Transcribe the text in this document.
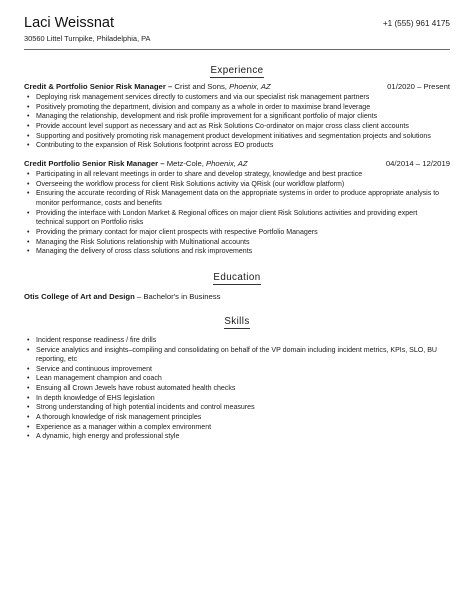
Laci Weissnat	+1 (555) 961 4175
30560 Littel Turnpike, Philadelphia, PA
Experience
Credit & Portfolio Senior Risk Manager – Crist and Sons, Phoenix, AZ	01/2020 – Present
• Deploying risk management services directly to customers and via our specialist risk management partners
• Positively promoting the department, division and company as a whole in order to maximise brand leverage
• Managing the relationship, development and risk profile improvement for a significant portfolio of major clients
• Provide account level support as necessary and act as Risk Solutions Co-ordinator on major cross class client accounts
• Supporting and positively promoting risk management product development initiatives and segmentation projects and solutions
• Contributing to the expansion of Risk Solutions footprint across EO products
Credit Portfolio Senior Risk Manager – Metz-Cole, Phoenix, AZ	04/2014 – 12/2019
• Participating in all relevant meetings in order to share and develop strategy, knowledge and best practice
• Overseeing the workflow process for client Risk Solutions activity via QRisk (our workflow platform)
• Ensuring the accurate recording of Risk Management data on the appropriate systems in order to produce appropriate analysis to monitor performance, costs and benefits
• Providing the interface with London Market & Regional offices on major client Risk Solutions activities and providing expert technical support on Portfolio risks
• Providing the primary contact for major client prospects with respective Portfolio Managers
• Managing the Risk Solutions relationship with Multinational accounts
• Managing the delivery of cross class solutions and risk improvements
Education
Otis College of Art and Design – Bachelor's in Business
Skills
• Incident response readiness / fire drills
• Service analytics and insights–compiling and consolidating on behalf of the VP domain including incident metrics, KPIs, SLO, BU reporting, etc
• Service and continuous improvement
• Lean management champion and coach
• Ensuing all Crown Jewels have robust automated health checks
• In depth knowledge of EHS legislation
• Strong understanding of high potential incidents and control measures
• A thorough knowledge of risk management principles
• Experience as a manager within a complex environment
• A dynamic, high energy and professional style
